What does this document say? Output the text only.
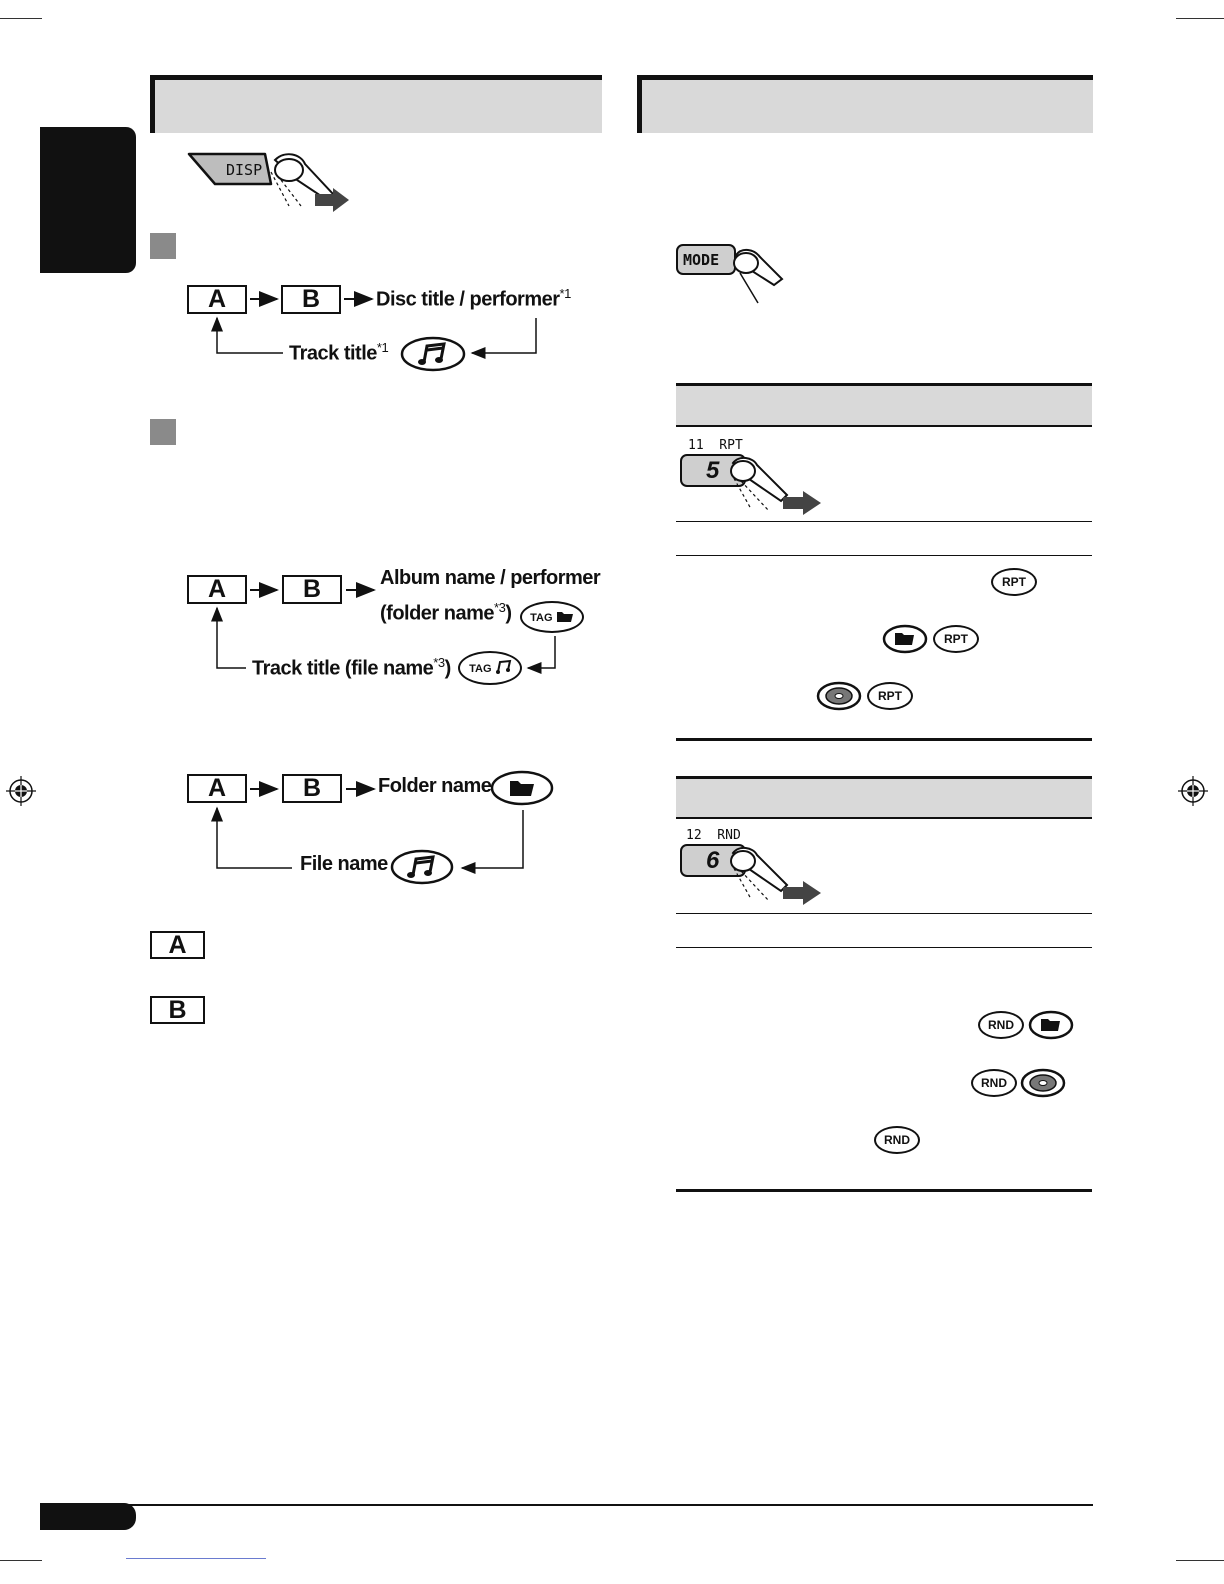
DISP
A	B	Disc title / performer$^{*1}$
Track title$^{*1}$
A	B	Album name / performer
(folder name$^{*3}$)	TAG
Track title (file name$^{*3}$)	TAG
A	B	Folder name
File name
A
B
MODE
11  RPT
5
RPT
RPT
RPT
12  RND
6
RND
RND
RND
